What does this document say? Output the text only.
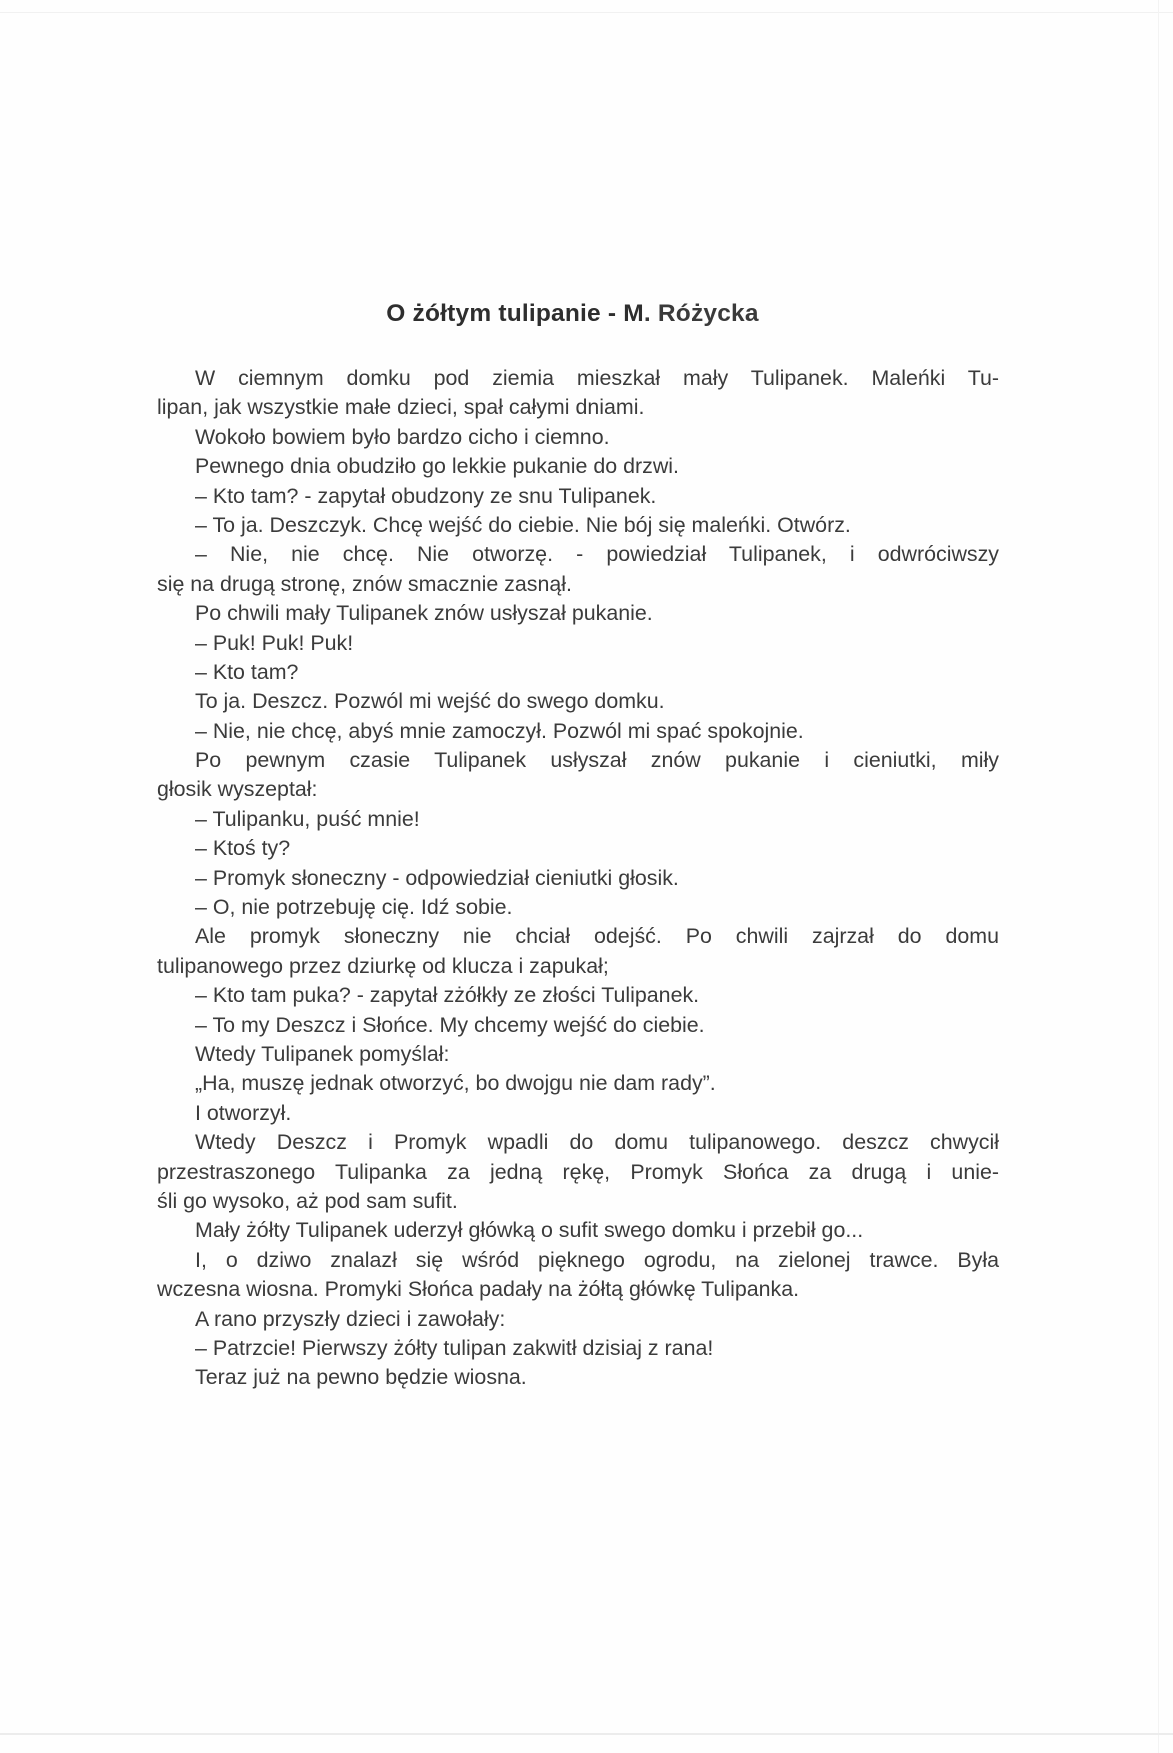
O żółtym tulipanie - M. Różycka
W ciemnym domku pod ziemia mieszkał mały Tulipanek. Maleńki Tu-
lipan, jak wszystkie małe dzieci, spał całymi dniami.
Wokoło bowiem było bardzo cicho i ciemno.
Pewnego dnia obudziło go lekkie pukanie do drzwi.
– Kto tam? - zapytał obudzony ze snu Tulipanek.
– To ja. Deszczyk. Chcę wejść do ciebie. Nie bój się maleńki. Otwórz.
– Nie, nie chcę. Nie otworzę. - powiedział Tulipanek, i odwróciwszy
się na drugą stronę, znów smacznie zasnął.
Po chwili mały Tulipanek znów usłyszał pukanie.
– Puk! Puk! Puk!
– Kto tam?
To ja. Deszcz. Pozwól mi wejść do swego domku.
– Nie, nie chcę, abyś mnie zamoczył. Pozwól mi spać spokojnie.
Po pewnym czasie Tulipanek usłyszał znów pukanie i cieniutki, miły
głosik wyszeptał:
– Tulipanku, puść mnie!
– Ktoś ty?
– Promyk słoneczny - odpowiedział cieniutki głosik.
– O, nie potrzebuję cię. Idź sobie.
Ale promyk słoneczny nie chciał odejść. Po chwili zajrzał do domu
tulipanowego przez dziurkę od klucza i zapukał;
– Kto tam puka? - zapytał zżółkły ze złości Tulipanek.
– To my Deszcz i Słońce. My chcemy wejść do ciebie.
Wtedy Tulipanek pomyślał:
„Ha, muszę jednak otworzyć, bo dwojgu nie dam rady”.
I otworzył.
Wtedy Deszcz i Promyk wpadli do domu tulipanowego. deszcz chwycił
przestraszonego Tulipanka za jedną rękę, Promyk Słońca za drugą i unie-
śli go wysoko, aż pod sam sufit.
Mały żółty Tulipanek uderzył główką o sufit swego domku i przebił go...
I, o dziwo znalazł się wśród pięknego ogrodu, na zielonej trawce. Była
wczesna wiosna. Promyki Słońca padały na żółtą główkę Tulipanka.
A rano przyszły dzieci i zawołały:
– Patrzcie! Pierwszy żółty tulipan zakwitł dzisiaj z rana!
Teraz już na pewno będzie wiosna.
